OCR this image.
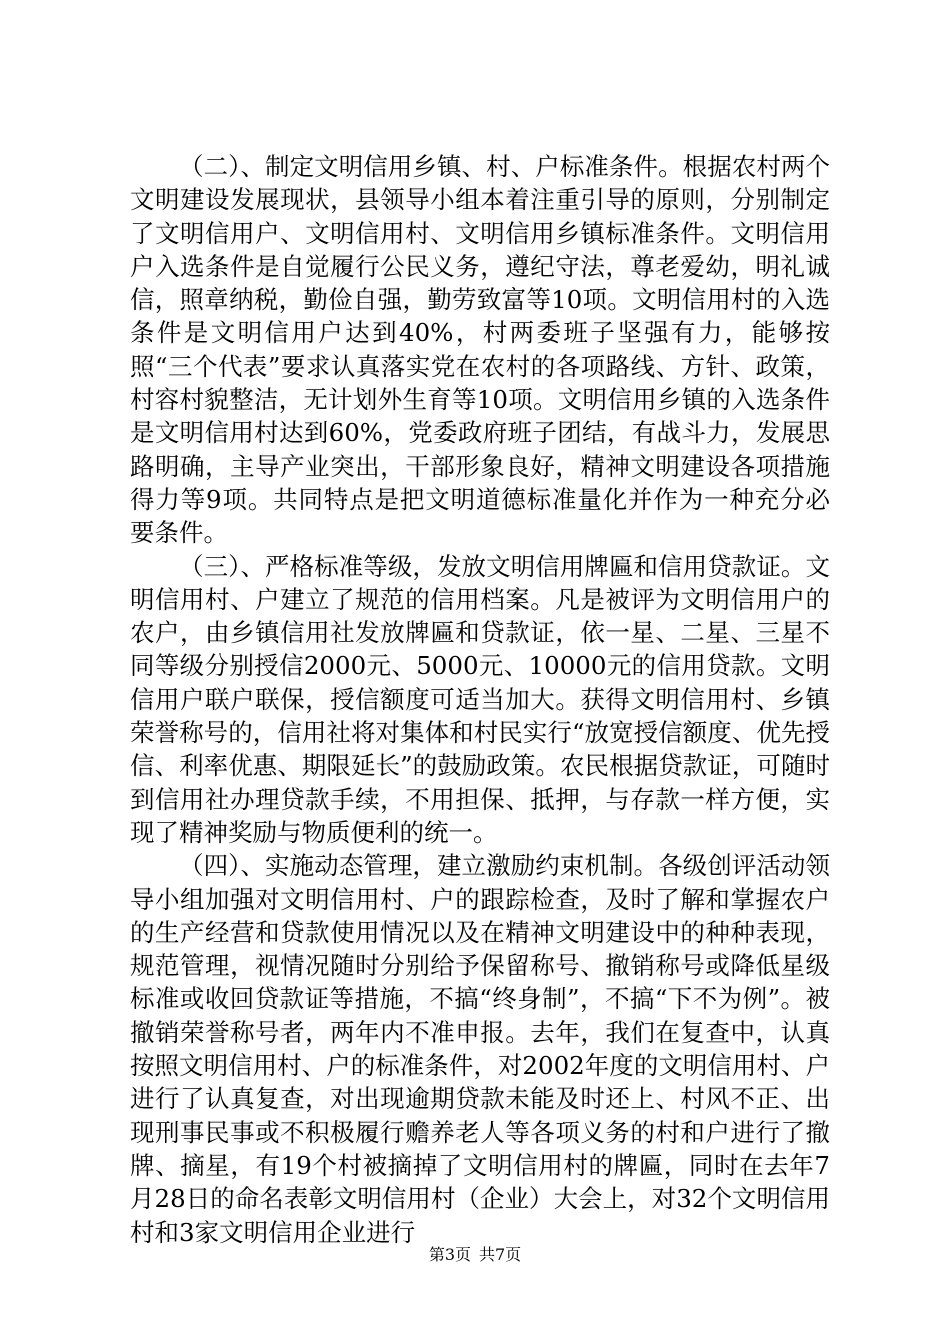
（二）、制定文明信用乡镇、村、户标准条件。根据农村两个文明建设发展现状，县领导小组本着注重引导的原则，分别制定了文明信用户、文明信用村、文明信用乡镇标准条件。文明信用户入选条件是自觉履行公民义务，遵纪守法，尊老爱幼，明礼诚信，照章纳税，勤俭自强，勤劳致富等10项。文明信用村的入选条件是文明信用户达到40%，村两委班子坚强有力，能够按照“三个代表”要求认真落实党在农村的各项路线、方针、政策，村容村貌整洁，无计划外生育等10项。文明信用乡镇的入选条件是文明信用村达到60%，党委政府班子团结，有战斗力，发展思路明确，主导产业突出，干部形象良好，精神文明建设各项措施得力等9项。共同特点是把文明道德标准量化并作为一种充分必要条件。

（三）、严格标准等级，发放文明信用牌匾和信用贷款证。文明信用村、户建立了规范的信用档案。凡是被评为文明信用户的农户，由乡镇信用社发放牌匾和贷款证，依一星、二星、三星不同等级分别授信2000元、5000元、10000元的信用贷款。文明信用户联户联保，授信额度可适当加大。获得文明信用村、乡镇荣誉称号的，信用社将对集体和村民实行“放宽授信额度、优先授信、利率优惠、期限延长”的鼓励政策。农民根据贷款证，可随时到信用社办理贷款手续，不用担保、抵押，与存款一样方便，实现了精神奖励与物质便利的统一。

（四）、实施动态管理，建立激励约束机制。各级创评活动领导小组加强对文明信用村、户的跟踪检查，及时了解和掌握农户的生产经营和贷款使用情况以及在精神文明建设中的种种表现，规范管理，视情况随时分别给予保留称号、撤销称号或降低星级标准或收回贷款证等措施，不搞“终身制”，不搞“下不为例”。被撤销荣誉称号者，两年内不准申报。去年，我们在复查中，认真按照文明信用村、户的标准条件，对2002年度的文明信用村、户进行了认真复查，对出现逾期贷款未能及时还上、村风不正、出现刑事民事或不积极履行赡养老人等各项义务的村和户进行了撤牌、摘星，有19个村被摘掉了文明信用村的牌匾，同时在去年7月28日的命名表彰文明信用村（企业）大会上，对32个文明信用村和3家文明信用企业进行

第3页 共7页
